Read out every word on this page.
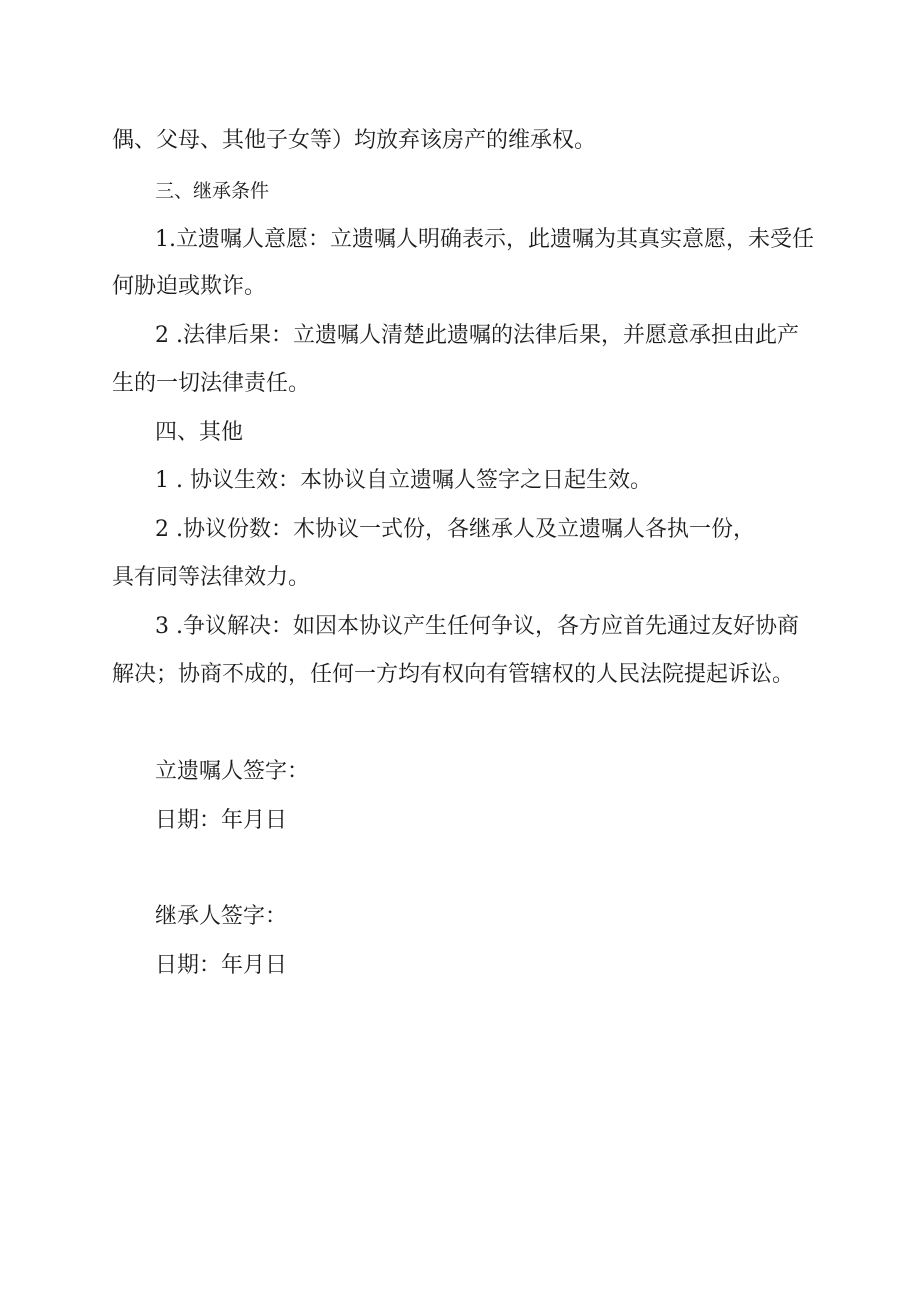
偶、父母、其他子女等）均放弃该房产的维承权。
三、继承条件
1.立遗嘱人意愿：立遗嘱人明确表示，此遗嘱为其真实意愿，未受任
何胁迫或欺诈。
2 .法律后果：立遗嘱人清楚此遗嘱的法律后果，并愿意承担由此产
生的一切法律责任。
四、其他
1 . 协议生效：本协议自立遗嘱人签字之日起生效。
2 .协议份数：木协议一式份，各继承人及立遗嘱人各执一份，
具有同等法律效力。
3 .争议解决：如因本协议产生任何争议，各方应首先通过友好协商
解决；协商不成的，任何一方均有权向有管辖权的人民法院提起诉讼。
立遗嘱人签字：
日期：年月日
继承人签字：
日期：年月日
